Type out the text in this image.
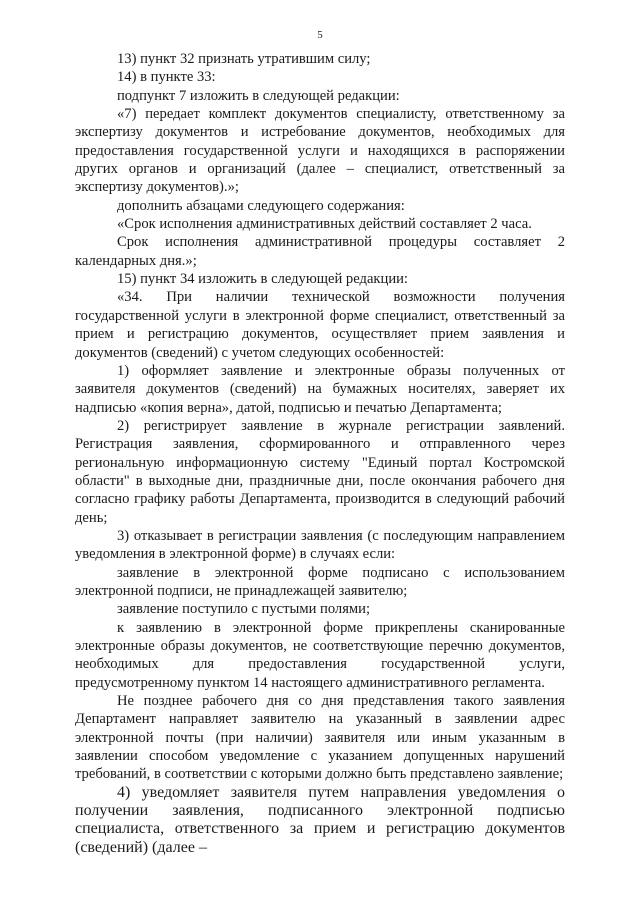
5

13) пункт 32 признать утратившим силу;

14) в пункте 33:

подпункт 7 изложить в следующей редакции:

«7) передает комплект документов специалисту, ответственному за экспертизу документов и истребование документов, необходимых для предоставления государственной услуги и находящихся в распоряжении других органов и организаций (далее – специалист, ответственный за экспертизу документов).»;

дополнить абзацами следующего содержания:

«Срок исполнения административных действий составляет 2 часа.

Срок исполнения административной процедуры составляет 2 календарных дня.»;

15) пункт 34 изложить в следующей редакции:

«34. При наличии технической возможности получения государственной услуги в электронной форме специалист, ответственный за прием и регистрацию документов, осуществляет прием заявления и документов (сведений) с учетом следующих особенностей:

1) оформляет заявление и электронные образы полученных от заявителя документов (сведений) на бумажных носителях, заверяет их надписью «копия верна», датой, подписью и печатью Департамента;

2) регистрирует заявление в журнале регистрации заявлений. Регистрация заявления, сформированного и отправленного через региональную информационную систему "Единый портал Костромской области" в выходные дни, праздничные дни, после окончания рабочего дня согласно графику работы Департамента, производится в следующий рабочий день;

3) отказывает в регистрации заявления (с последующим направлением уведомления в электронной форме) в случаях если:

заявление в электронной форме подписано с использованием электронной подписи, не принадлежащей заявителю;

заявление поступило с пустыми полями;

к заявлению в электронной форме прикреплены сканированные электронные образы документов, не соответствующие перечню документов, необходимых для предоставления государственной услуги, предусмотренному пунктом 14 настоящего административного регламента.

Не позднее рабочего дня со дня представления такого заявления Департамент направляет заявителю на указанный в заявлении адрес электронной почты (при наличии) заявителя или иным указанным в заявлении способом уведомление с указанием допущенных нарушений требований, в соответствии с которыми должно быть представлено заявление;

4) уведомляет заявителя путем направления уведомления о получении заявления, подписанного электронной подписью специалиста, ответственного за прием и регистрацию документов (сведений) (далее –
